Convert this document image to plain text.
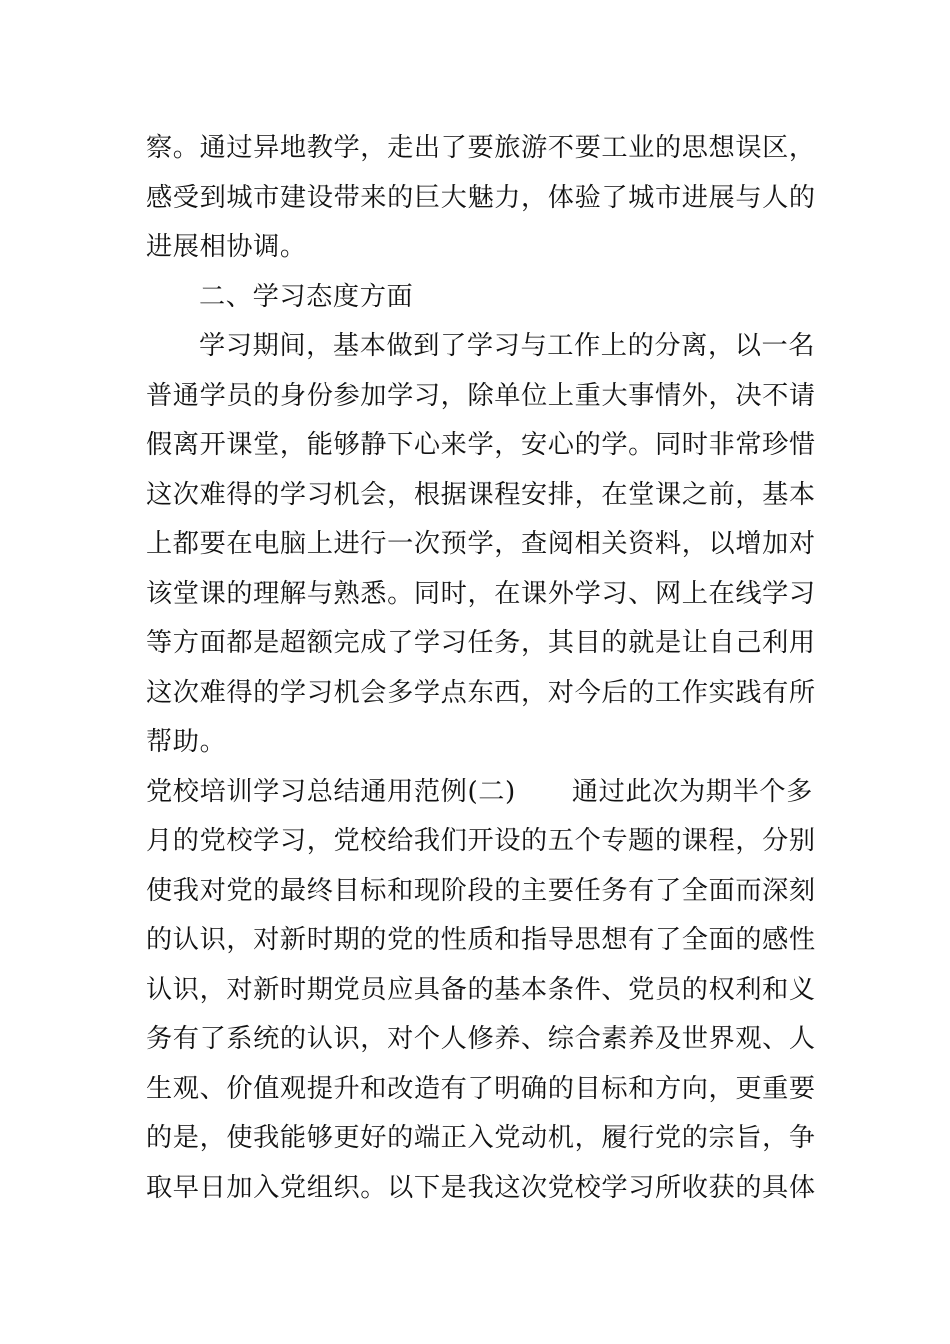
察。通过异地教学，走出了要旅游不要工业的思想误区，
感受到城市建设带来的巨大魅力，体验了城市进展与人的
进展相协调。
二、学习态度方面
学习期间，基本做到了学习与工作上的分离，以一名
普通学员的身份参加学习，除单位上重大事情外，决不请
假离开课堂，能够静下心来学，安心的学。同时非常珍惜
这次难得的学习机会，根据课程安排，在堂课之前，基本
上都要在电脑上进行一次预学，查阅相关资料，以增加对
该堂课的理解与熟悉。同时，在课外学习、网上在线学习
等方面都是超额完成了学习任务，其目的就是让自己利用
这次难得的学习机会多学点东西，对今后的工作实践有所
帮助。
党校培训学习总结通用范例(二) 通过此次为期半个多
月的党校学习，党校给我们开设的五个专题的课程，分别
使我对党的最终目标和现阶段的主要任务有了全面而深刻
的认识，对新时期的党的性质和指导思想有了全面的感性
认识，对新时期党员应具备的基本条件、党员的权利和义
务有了系统的认识，对个人修养、综合素养及世界观、人
生观、价值观提升和改造有了明确的目标和方向，更重要
的是，使我能够更好的端正入党动机，履行党的宗旨，争
取早日加入党组织。以下是我这次党校学习所收获的具体
